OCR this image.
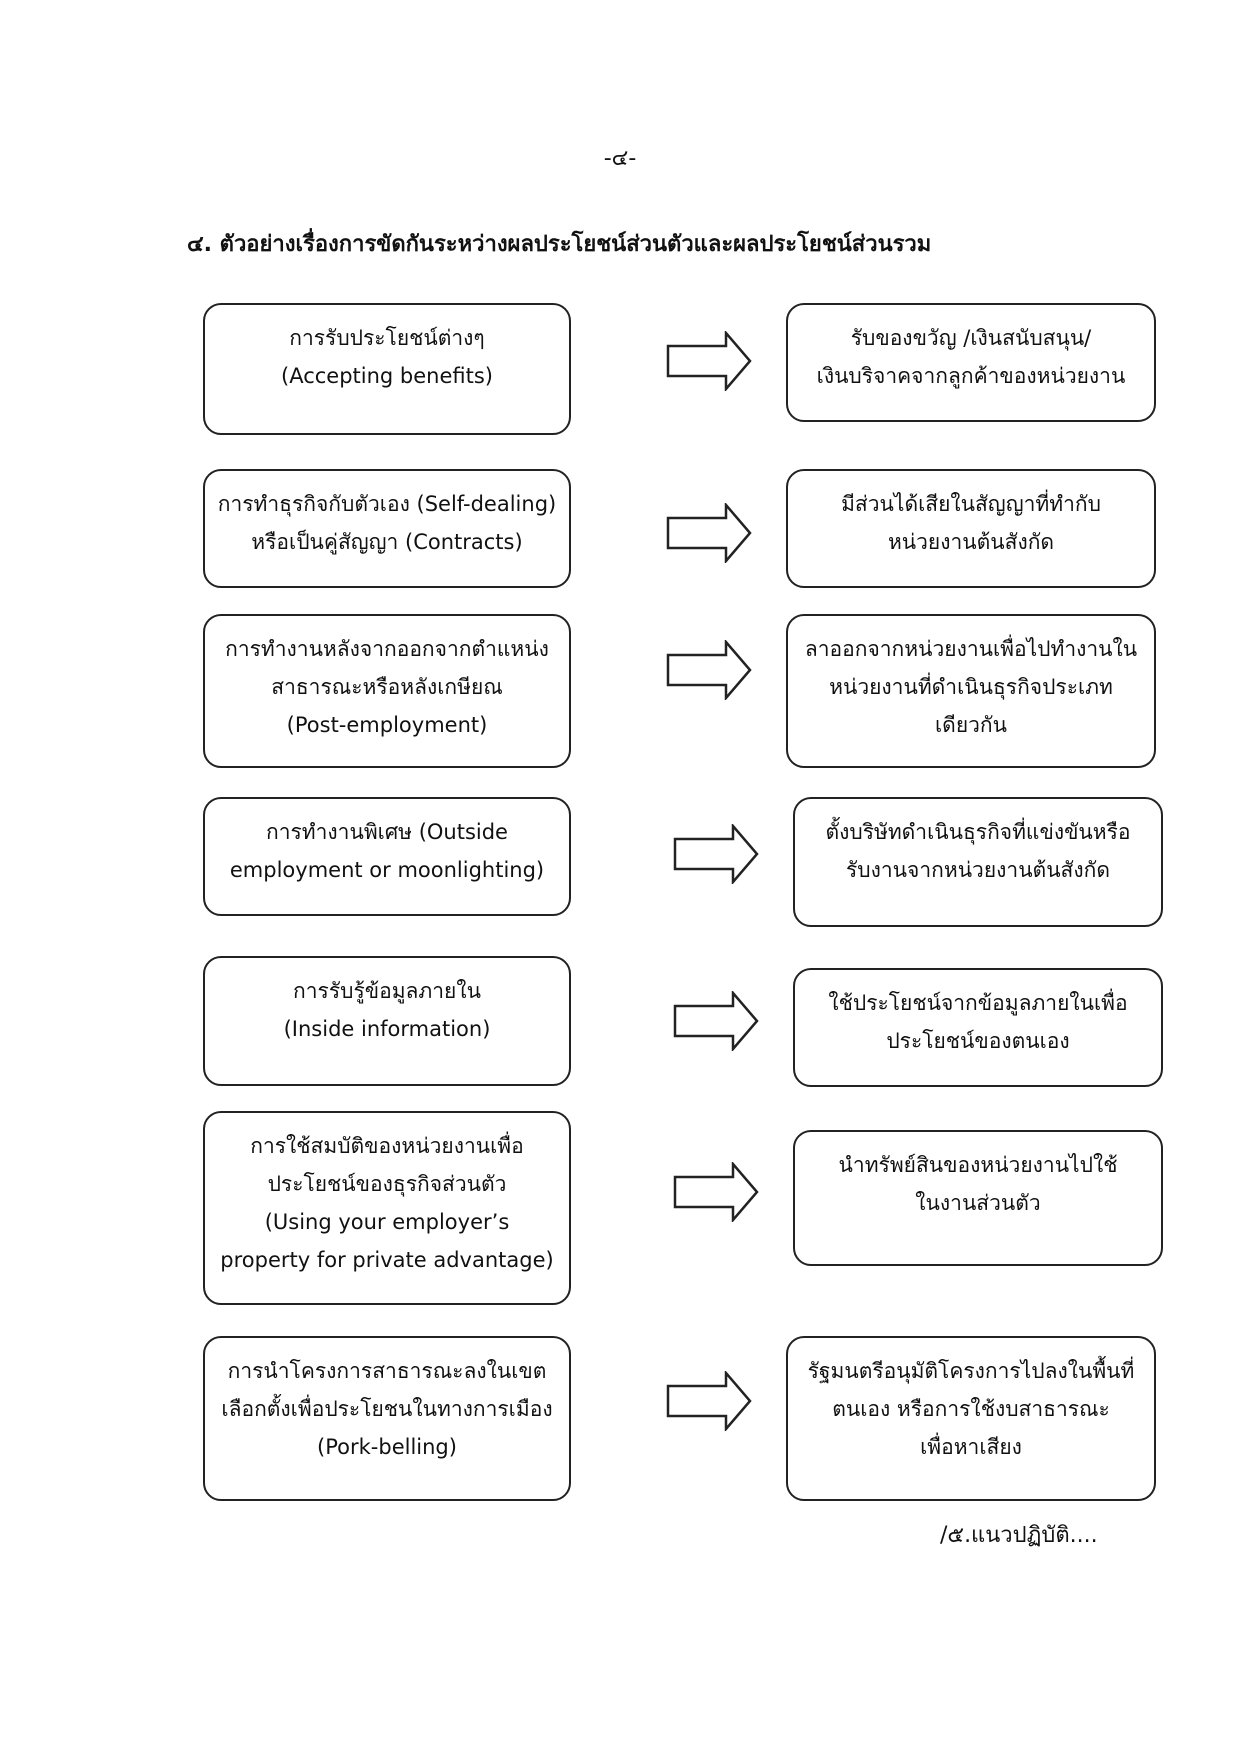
-๔-
๔. ตัวอย่างเรื่องการขัดกันระหว่างผลประโยชน์ส่วนตัวและผลประโยชน์ส่วนรวม
การรับประโยชน์ต่างๆ
(Accepting benefits)
รับของขวัญ /เงินสนับสนุน/
เงินบริจาคจากลูกค้าของหน่วยงาน
การทำธุรกิจกับตัวเอง (Self-dealing)
หรือเป็นคู่สัญญา (Contracts)
มีส่วนได้เสียในสัญญาที่ทำกับ
หน่วยงานต้นสังกัด
การทำงานหลังจากออกจากตำแหน่ง
สาธารณะหรือหลังเกษียณ
(Post-employment)
ลาออกจากหน่วยงานเพื่อไปทำงานใน
หน่วยงานที่ดำเนินธุรกิจประเภท
เดียวกัน
การทำงานพิเศษ (Outside
employment or moonlighting)
ตั้งบริษัทดำเนินธุรกิจที่แข่งขันหรือ
รับงานจากหน่วยงานต้นสังกัด
การรับรู้ข้อมูลภายใน
(Inside information)
ใช้ประโยชน์จากข้อมูลภายในเพื่อ
ประโยชน์ของตนเอง
การใช้สมบัติของหน่วยงานเพื่อ
ประโยชน์ของธุรกิจส่วนตัว
(Using your employer’s
property for private advantage)
นำทรัพย์สินของหน่วยงานไปใช้
ในงานส่วนตัว
การนำโครงการสาธารณะลงในเขต
เลือกตั้งเพื่อประโยชนในทางการเมือง
(Pork-belling)
รัฐมนตรีอนุมัติโครงการไปลงในพื้นที่
ตนเอง หรือการใช้งบสาธารณะ
เพื่อหาเสียง
/๕.แนวปฏิบัติ....
